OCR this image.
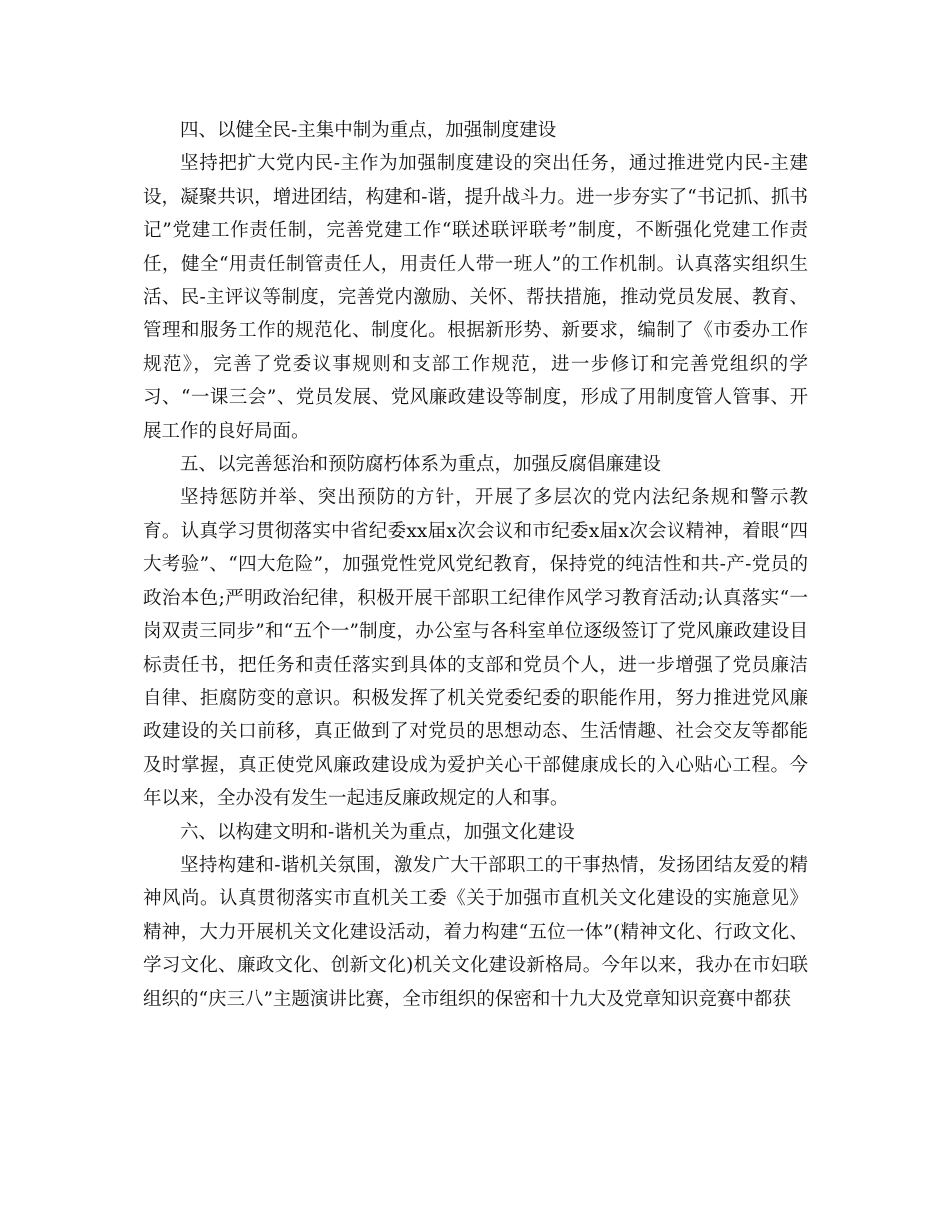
四、以健全民-主集中制为重点，加强制度建设

坚持把扩大党内民-主作为加强制度建设的突出任务，通过推进党内民-主建设，凝聚共识，增进团结，构建和-谐，提升战斗力。进一步夯实了“书记抓、抓书记”党建工作责任制，完善党建工作“联述联评联考”制度，不断强化党建工作责任，健全“用责任制管责任人，用责任人带一班人”的工作机制。认真落实组织生活、民-主评议等制度，完善党内激励、关怀、帮扶措施，推动党员发展、教育、管理和服务工作的规范化、制度化。根据新形势、新要求，编制了《市委办工作规范》，完善了党委议事规则和支部工作规范，进一步修订和完善党组织的学习、“一课三会”、党员发展、党风廉政建设等制度，形成了用制度管人管事、开展工作的良好局面。

五、以完善惩治和预防腐朽体系为重点，加强反腐倡廉建设

坚持惩防并举、突出预防的方针，开展了多层次的党内法纪条规和警示教育。认真学习贯彻落实中省纪委xx届x次会议和市纪委x届x次会议精神，着眼“四大考验”、“四大危险”，加强党性党风党纪教育，保持党的纯洁性和共-产-党员的政治本色;严明政治纪律，积极开展干部职工纪律作风学习教育活动;认真落实“一岗双责三同步”和“五个一”制度，办公室与各科室单位逐级签订了党风廉政建设目标责任书，把任务和责任落实到具体的支部和党员个人，进一步增强了党员廉洁自律、拒腐防变的意识。积极发挥了机关党委纪委的职能作用，努力推进党风廉政建设的关口前移，真正做到了对党员的思想动态、生活情趣、社会交友等都能及时掌握，真正使党风廉政建设成为爱护关心干部健康成长的入心贴心工程。今年以来，全办没有发生一起违反廉政规定的人和事。

六、以构建文明和-谐机关为重点，加强文化建设

坚持构建和-谐机关氛围，激发广大干部职工的干事热情，发扬团结友爱的精神风尚。认真贯彻落实市直机关工委《关于加强市直机关文化建设的实施意见》精神，大力开展机关文化建设活动，着力构建“五位一体”(精神文化、行政文化、学习文化、廉政文化、创新文化)机关文化建设新格局。今年以来，我办在市妇联组织的“庆三八”主题演讲比赛，全市组织的保密和十九大及党章知识竞赛中都获
